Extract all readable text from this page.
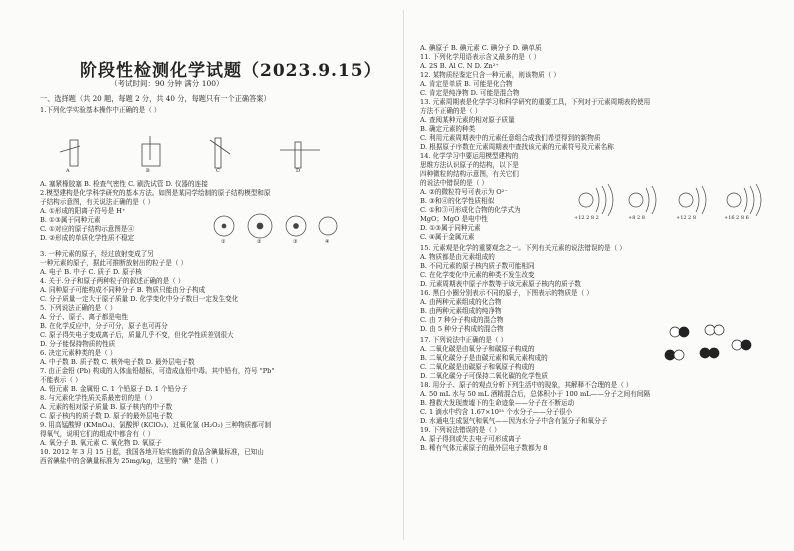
阶段性检测化学试题（2023.9.15）
（考试时间：90 分钟 满分 100）
一、选择题（共 20 题，每题 2 分，共 40 分，每题只有一个正确答案）
1.下列化学实验基本操作中正确的是（ ）
A	B	C	D
A. 塞紧橡胶塞 B. 检查气密性 C. 刷洗试管 D. 仪器的连接
2.模型建构是化学科学研究的基本方法。如图是某同学绘制的原子结构模型和原
子结构示意图，有关说法正确的是（ ）
A. ①形成的阳离子符号是 H⁺
B. ①③属于同种元素
C. ①对应的原子结构示意图是④
D. ②形成的单质化学性质不稳定	①	②	③	④
3. 一种元素的原子，经过放射变成了另
一种元素的原子，据此可推断放射出的粒子是（ ）
A. 电子 B. 中子 C. 质子 D. 原子核
4. 关于.分子和原子两种粒子的叙述正确的是（ ）
A. 同种原子可能构成不同种分子 B. 物质只能由分子构成
C. 分子质量一定大于原子质量 D. 化学变化中分子数目一定发生变化
5. 下列说法正确的是（ ）
A. 分子、原子、离子都是电性
B. 在化学反应中，分子可分，原子也可再分
C. 原子得失电子变成离子后，质量几乎不变，但化学性质差别很大
D. 分子能保持物质的性质
6. 决定元素种类的是（ ）
A. 中子数 B. 质子数 C. 核外电子数 D. 最外层电子数
7. 由正金铅 (Pb) 构成的人体血铅超标，可造成血铅中毒。其中铅有，符号 "Pb"
不能表示（ ）
A. 铅元素 B. 金属铅 C. 1 个铅原子 D. 1 个铅分子
8. 与元素化学性质关系最密切的是（ ）
A. 元素的相对原子质量 B. 原子核内的中子数
C. 原子核内的质子数 D. 原子的最外层电子数
9. 用高锰酸钾 (KMnO₄)、氯酸钾 (KClO₃)、过氧化氢 (H₂O₂) 三种物质都可制
得氧气，说明它们的组成中都含有（ ）
A. 氧分子 B. 氧元素 C. 氧化物 D. 氧原子
10. 2012 年 3 月 15 日起，我国各地开始实施新的食品含碘量标准，已知山
西省碘盐中的含碘量标准为 25mg/kg，这里的 "碘" 是指（ ）
A. 碘原子 B. 碘元素 C. 碘分子 D. 碘单质
11. 下列化学用语表示含义最多的是（ ）
A. 2S B. Al C. N D. Zn²⁺
12. 某物质经鉴定只含一种元素，则该物质（ ）
A. 肯定是单质 B. 可能是化合物
C. 肯定是纯净物 D. 可能是混合物
13. 元素周期表是化学学习和科学研究的重要工具，下列对于元素周期表的使用
方法不正确的是（ ）
A. 查阅某种元素的相对原子质量
B. 确定元素的种类
C. 利用元素周期表中的元素任意组合成我们希望得到的新物质
D. 根据原子序数在元素周期表中查找该元素的元素符号及元素名称
14. 化学学习中要运用模型建构的
思维方法认识原子的结构，以下是
四种微粒的结构示意图，有关它们
的说法中错误的是（ ）
A. ②的微粒符号可表示为 O²⁻
B. ③和④的化学性质相似
C. ①和③可形成化合物的化学式为
MgO；MgO 是电中性
D. ①③属于同种元素
C. ④属于金属元素
+12 2 8 2	+8 2 8	+12 2 8	+16 2 8 6
15. 元素观是化学的重要观念之一。下列有关元素的说法错误的是（ ）
A. 物质都是由元素组成的
B. 不同元素的原子核内质子数可能相同
C. 在化学变化中元素的种类不发生改变
D. 元素周期表中原子序数等于该元素原子核内的质子数
16. 黑白小圈分别表示不同的原子，下图表示的物质是（ ）
A. 由两种元素组成的化合物
B. 由两种元素组成的纯净物
C. 由 7 种分子构成的混合物
D. 由 5 种分子构成的混合物
17. 下列说法中正确的是（ ）
A. 二氧化碳是由氧分子和碳原子构成的
B. 二氧化碳分子是由碳元素和氧元素构成的
C. 二氧化碳是由碳原子和氧原子构成的
D. 二氧化碳分子可保持二氧化碳的化学性质
18. 用分子、原子的观点分析下列生活中的现象，其解释不合理的是（ ）
A. 50 mL 水与 50 mL 酒精混合后，总体积小于 100 mL——分子之间有间隔
B. 搜救犬发现废墟下的生命迹象——分子在不断运动
C. 1 滴水中约含 1.67×10²¹ 个水分子——分子很小
D. 水通电生成氢气和氧气——因为水分子中含有氢分子和氧分子
19. 下列说法错误的是（ ）
A. 原子得到或失去电子可形成离子
B. 稀有气体元素原子的最外层电子数都为 8
